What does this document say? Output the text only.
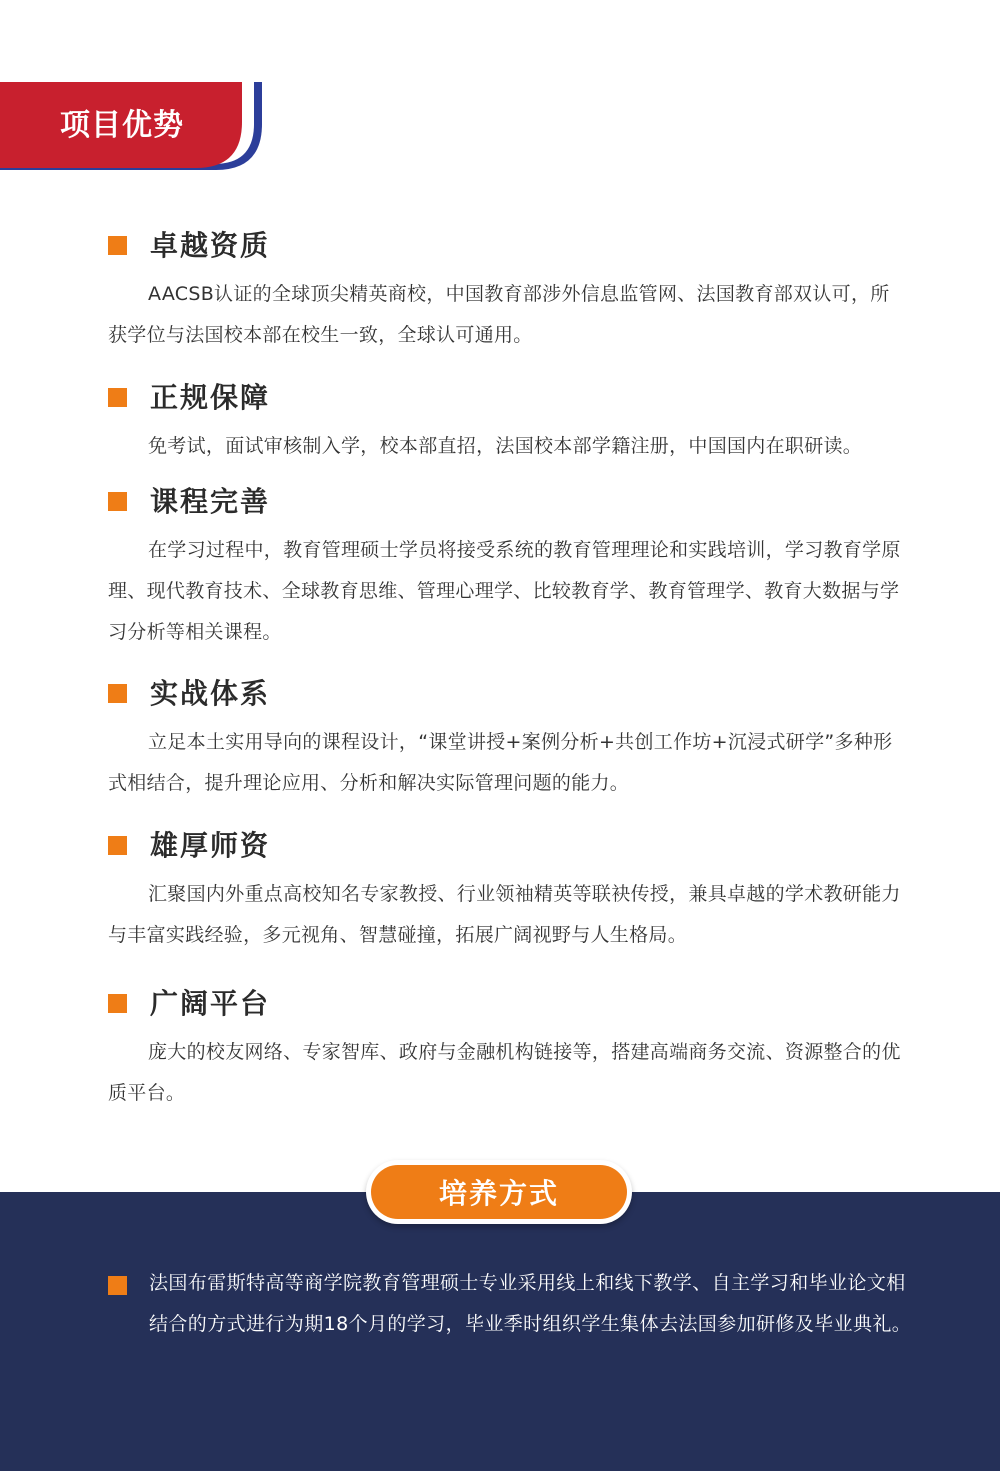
项目优势
卓越资质

AACSB认证的全球顶尖精英商校，中国教育部涉外信息监管网、法国教育部双认可，所获学位与法国校本部在校生一致，全球认可通用。

正规保障

免考试，面试审核制入学，校本部直招，法国校本部学籍注册，中国国内在职研读。

课程完善

在学习过程中，教育管理硕士学员将接受系统的教育管理理论和实践培训，学习教育学原理、现代教育技术、全球教育思维、管理心理学、比较教育学、教育管理学、教育大数据与学习分析等相关课程。

实战体系

立足本土实用导向的课程设计，“课堂讲授+案例分析+共创工作坊+沉浸式研学”多种形式相结合，提升理论应用、分析和解决实际管理问题的能力。

雄厚师资

汇聚国内外重点高校知名专家教授、行业领袖精英等联袂传授，兼具卓越的学术教研能力与丰富实践经验，多元视角、智慧碰撞，拓展广阔视野与人生格局。

广阔平台

庞大的校友网络、专家智库、政府与金融机构链接等，搭建高端商务交流、资源整合的优质平台。

培养方式

法国布雷斯特高等商学院教育管理硕士专业采用线上和线下教学、自主学习和毕业论文相结合的方式进行为期18个月的学习，毕业季时组织学生集体去法国参加研修及毕业典礼。
